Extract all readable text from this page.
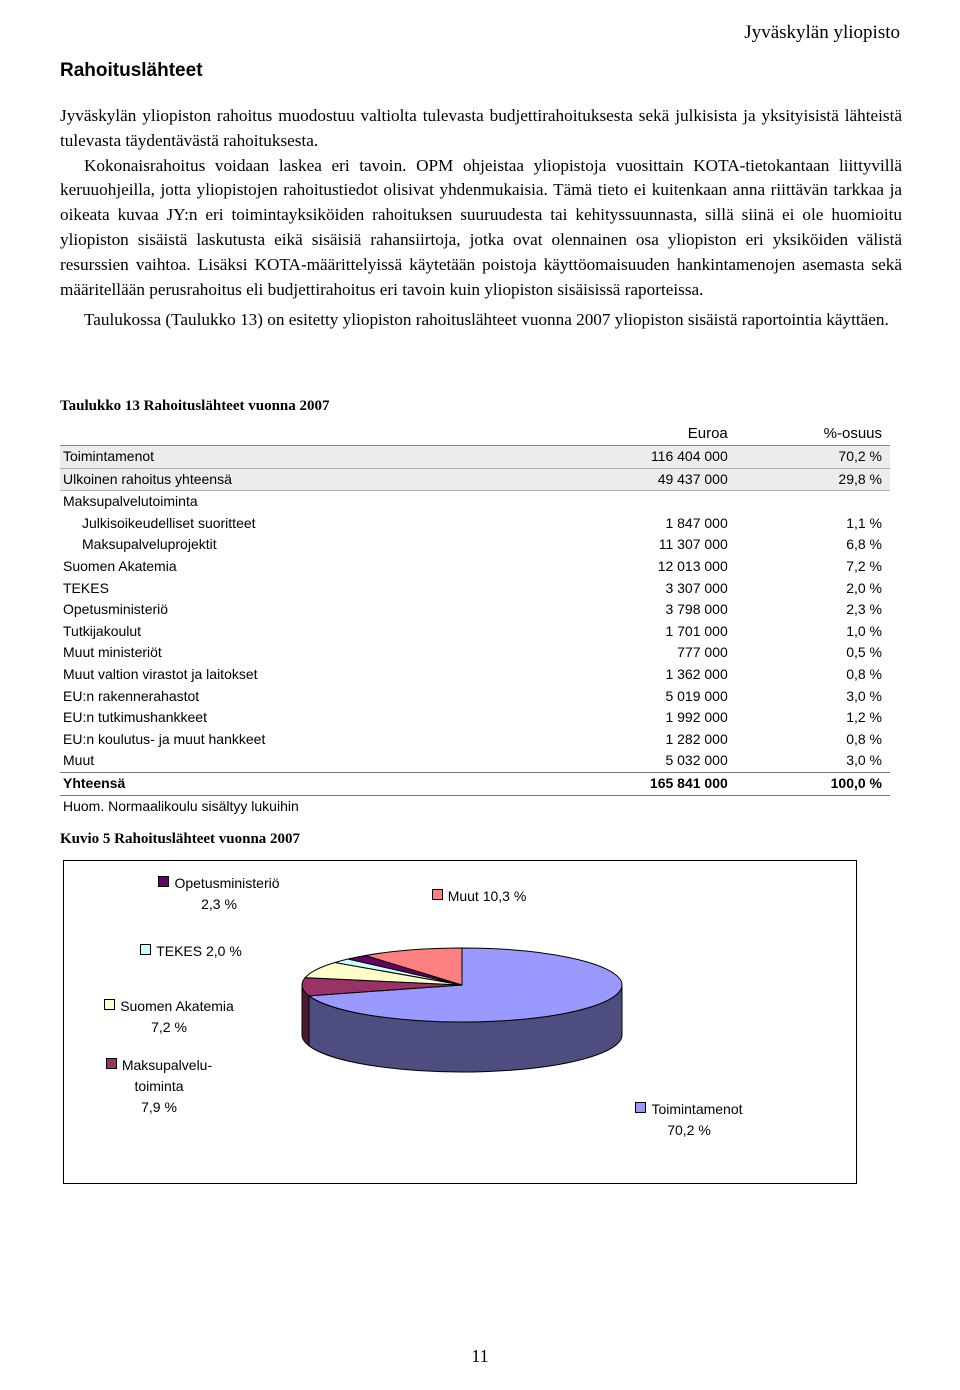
Jyväskylän yliopisto
Rahoituslähteet

Jyväskylän yliopiston rahoitus muodostuu valtiolta tulevasta budjettirahoituksesta sekä julkisista ja yksityisistä lähteistä tulevasta täydentävästä rahoituksesta.

Kokonaisrahoitus voidaan laskea eri tavoin. OPM ohjeistaa yliopistoja vuosittain KOTA-tietokantaan liittyvillä keruuohjeilla, jotta yliopistojen rahoitustiedot olisivat yhdenmukaisia. Tämä tieto ei kuitenkaan anna riittävän tarkkaa ja oikeata kuvaa JY:n eri toimintayksiköiden rahoituksen suuruudesta tai kehityssuunnasta, sillä siinä ei ole huomioitu yliopiston sisäistä laskutusta eikä sisäisiä rahansiirtoja, jotka ovat olennainen osa yliopiston eri yksiköiden välistä resurssien vaihtoa. Lisäksi KOTA-määrittelyissä käytetään poistoja käyttöomaisuuden hankintamenojen asemasta sekä määritellään perusrahoitus eli budjettirahoitus eri tavoin kuin yliopiston sisäisissä raporteissa.

Taulukossa (Taulukko 13) on esitetty yliopiston rahoituslähteet vuonna 2007 yliopiston sisäistä raportointia käyttäen.

Taulukko 13 Rahoituslähteet vuonna 2007
	Euroa	%-osuus
Toimintamenot	116 404 000	70,2 %
Ulkoinen rahoitus yhteensä	49 437 000	29,8 %
Maksupalvelutoiminta		
Julkisoikeudelliset suoritteet	1 847 000	1,1 %
Maksupalveluprojektit	11 307 000	6,8 %
Suomen Akatemia	12 013 000	7,2 %
TEKES	3 307 000	2,0 %
Opetusministeriö	3 798 000	2,3 %
Tutkijakoulut	1 701 000	1,0 %
Muut ministeriöt	777 000	0,5 %
Muut valtion virastot ja laitokset	1 362 000	0,8 %
EU:n rakennerahastot	5 019 000	3,0 %
EU:n tutkimushankkeet	1 992 000	1,2 %
EU:n koulutus- ja muut hankkeet	1 282 000	0,8 %
Muut	5 032 000	3,0 %
Yhteensä	165 841 000	100,0 %
Huom. Normaalikoulu sisältyy lukuihin		
Kuvio 5 Rahoituslähteet vuonna 2007
Toimintamenot
70,2 %
Maksupalvelu-
toiminta
7,9 %
Suomen Akatemia
7,2 %
TEKES 2,0 %
Opetusministeriö
2,3 %	Muut 10,3 %
11
